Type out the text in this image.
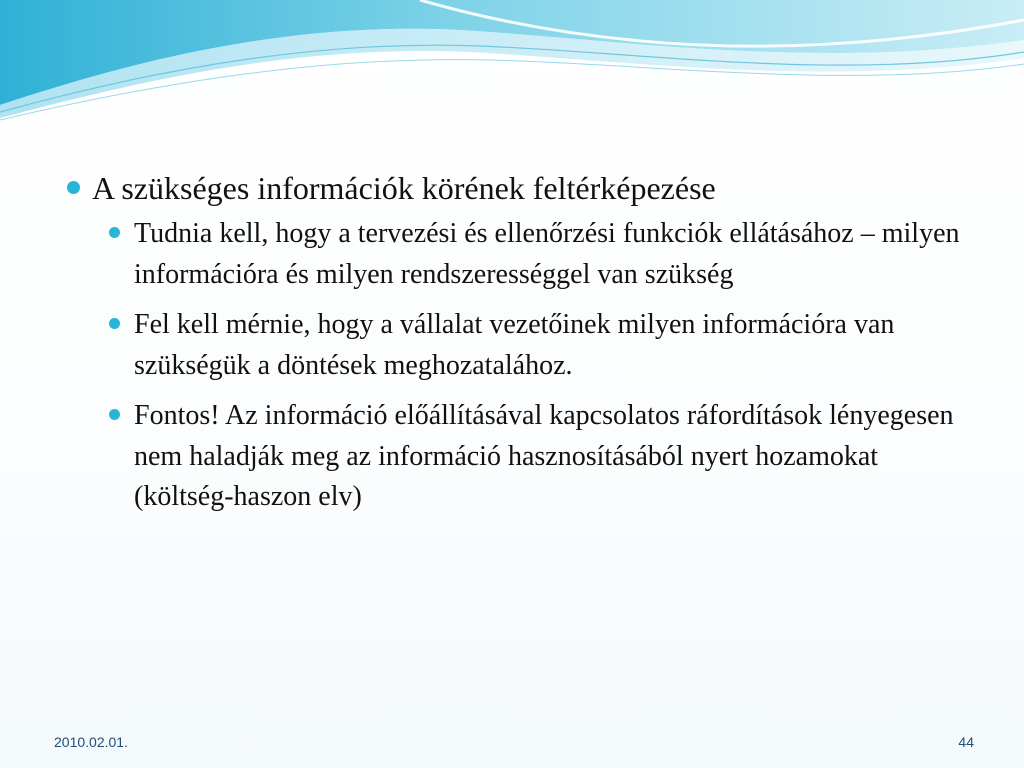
A szükséges információk körének feltérképezése
Tudnia kell, hogy a tervezési és ellenőrzési funkciók ellátásához – milyen információra és milyen rendszerességgel van szükség
Fel kell mérnie, hogy a vállalat vezetőinek milyen információra van szükségük a döntések meghozatalához.
Fontos! Az információ előállításával kapcsolatos ráfordítások lényegesen nem haladják meg az információ hasznosításából nyert hozamokat (költség-haszon elv)
2010.02.01.	44
